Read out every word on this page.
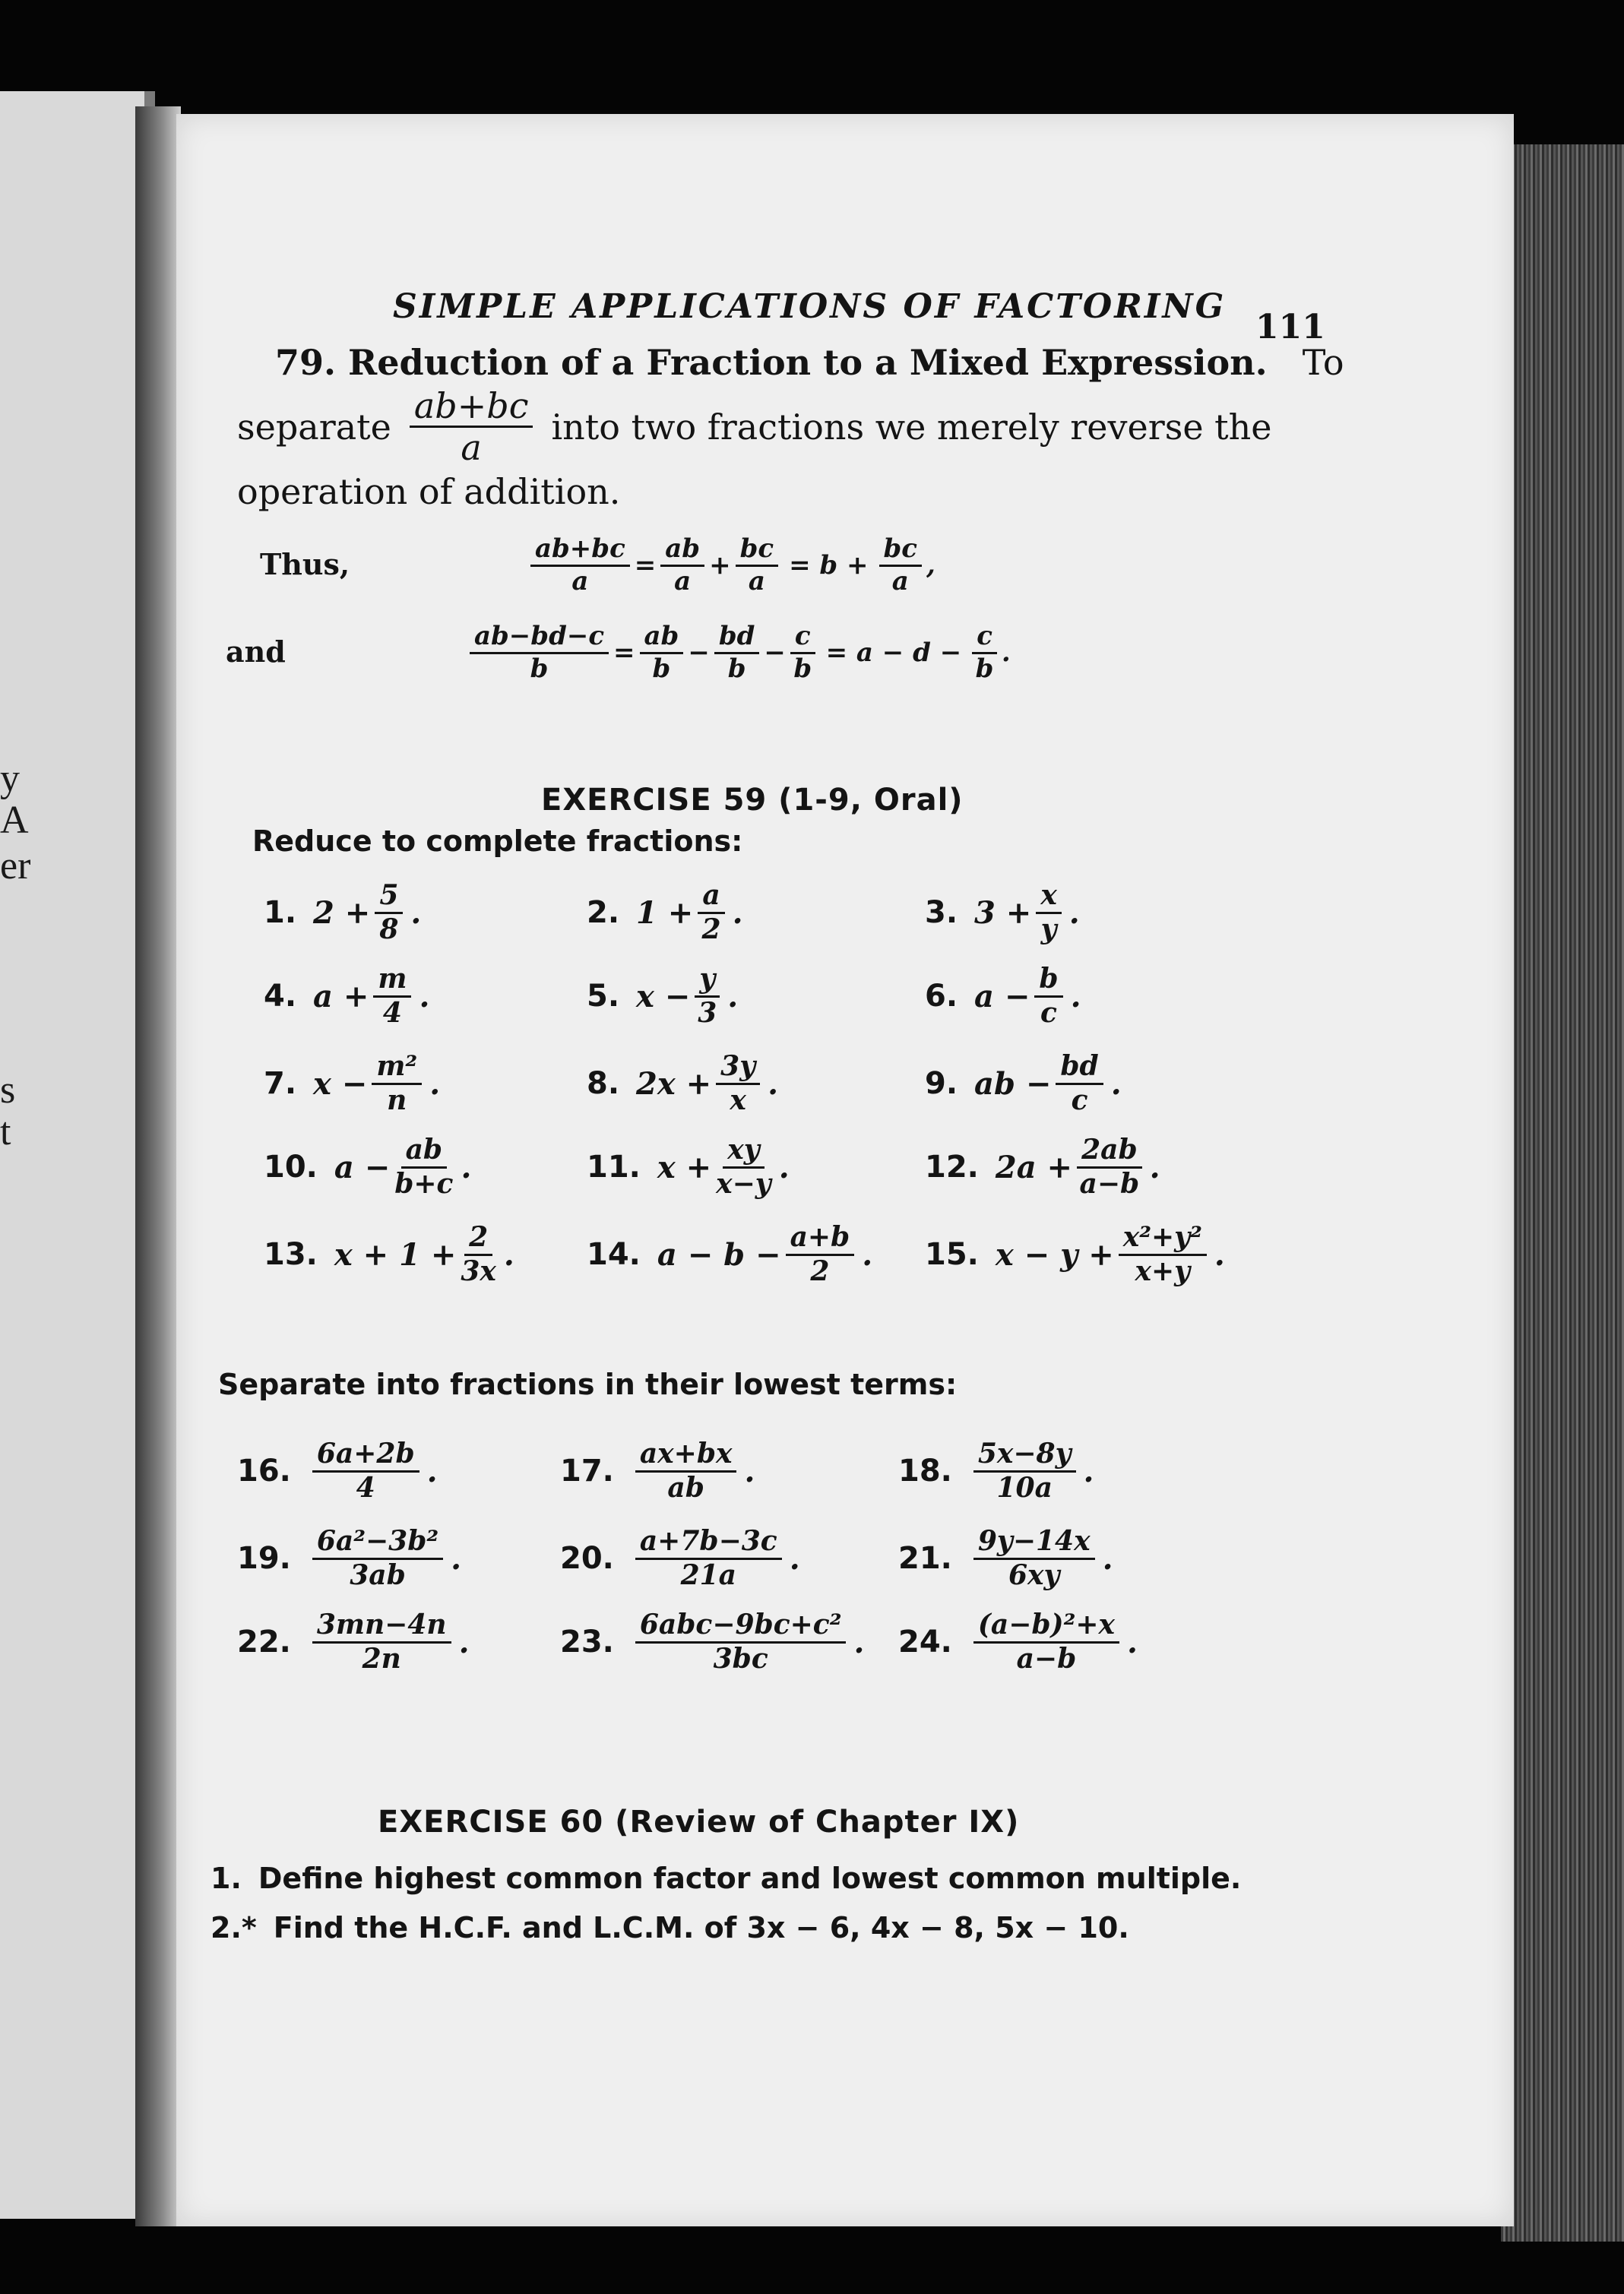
y
A
er
s
t
SIMPLE APPLICATIONS OF FACTORING
111
79. Reduction of a Fraction to a Mixed Expression. To
separate $\frac{ab+bc}{a}$ into two fractions we merely reverse the
operation of addition.
Thus,	$\frac{ab+bc}{a} = \frac{ab}{a} + \frac{bc}{a} = b + \frac{bc}{a}$ ,
and	$\frac{ab-bd-c}{b} = \frac{ab}{b} - \frac{bd}{b} - \frac{c}{b} = a - d - \frac{c}{b}$ .
EXERCISE 59 (1-9, Oral)
Reduce to complete fractions:
1. $2 + \frac{5}{8}$ .	2. $1 + \frac{a}{2}$ .	3. $3 + \frac{x}{y}$ .
4. $a + \frac{m}{4}$ .	5. $x - \frac{y}{3}$ .	6. $a - \frac{b}{c}$ .
7. $x - \frac{\text{m²}}{n}$ .	8. $2x + \frac{3y}{x}$ .	9. ab − $\frac{bd}{c}$ .
10. $a - \frac{ab}{b+c}$ .	11. $x + \frac{xy}{x-y}$ .	12. $2a + \frac{2ab}{a-b}$ .
13. $x + 1 + \frac{2}{3x}$ . 14. $a - b - \frac{a+b}{2}$ . 15. $x - y + \frac{\text{x²+y²}}{x+y}$ .
16. $\frac{6a+2b}{4}$ .	17. $\frac{ax+bx}{ab}$ .	18. $\frac{5x-8y}{10a}$ .
19. $\frac{\text{6a²−3b²}}{3ab}$ .	20. $\frac{a+7b-3c}{21a}$ .	21. $\frac{9y-14x}{6xy}$ .
22. $\frac{3mn-4n}{2n}$ .	23. $\frac{\text{6abc−9bc+c²}}{3bc}$ . 24. $\frac{\text{(a−b)²+x}}{a-b}$ .
Separate into fractions in their lowest terms:
EXERCISE 60 (Review of Chapter IX)
1. Define highest common factor and lowest common multiple.
2.* Find the H.C.F. and L.C.M. of 3x − 6, 4x − 8, 5x − 10.
